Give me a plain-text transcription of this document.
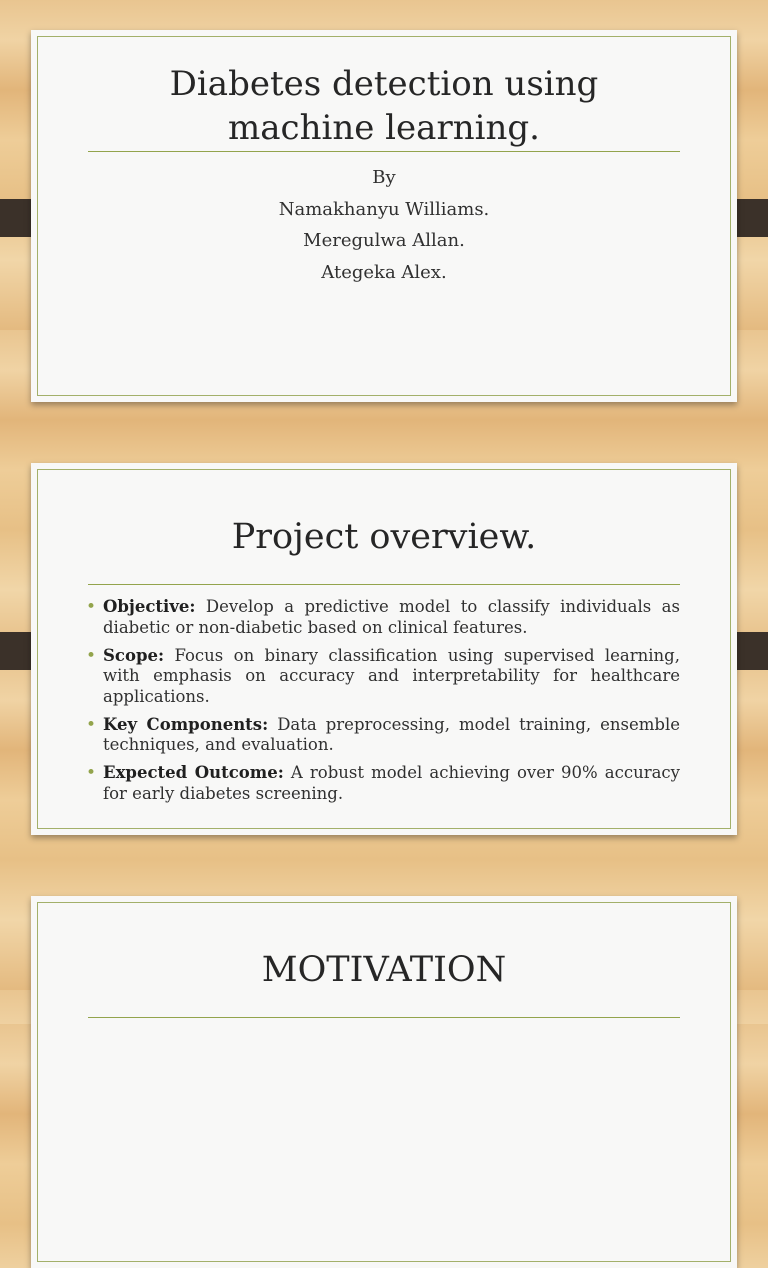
Diabetes detection using
machine learning.
By
Namakhanyu Williams.
Meregulwa Allan.
Ategeka Alex.
Project overview.
• Objective: Develop a predictive model to classify individuals as diabetic or non-diabetic based on clinical features.
• Scope: Focus on binary classification using supervised learning, with emphasis on accuracy and interpretability for healthcare applications.
• Key Components: Data preprocessing, model training, ensemble techniques, and evaluation.
• Expected Outcome: A robust model achieving over 90% accuracy for early diabetes screening.
MOTIVATION
